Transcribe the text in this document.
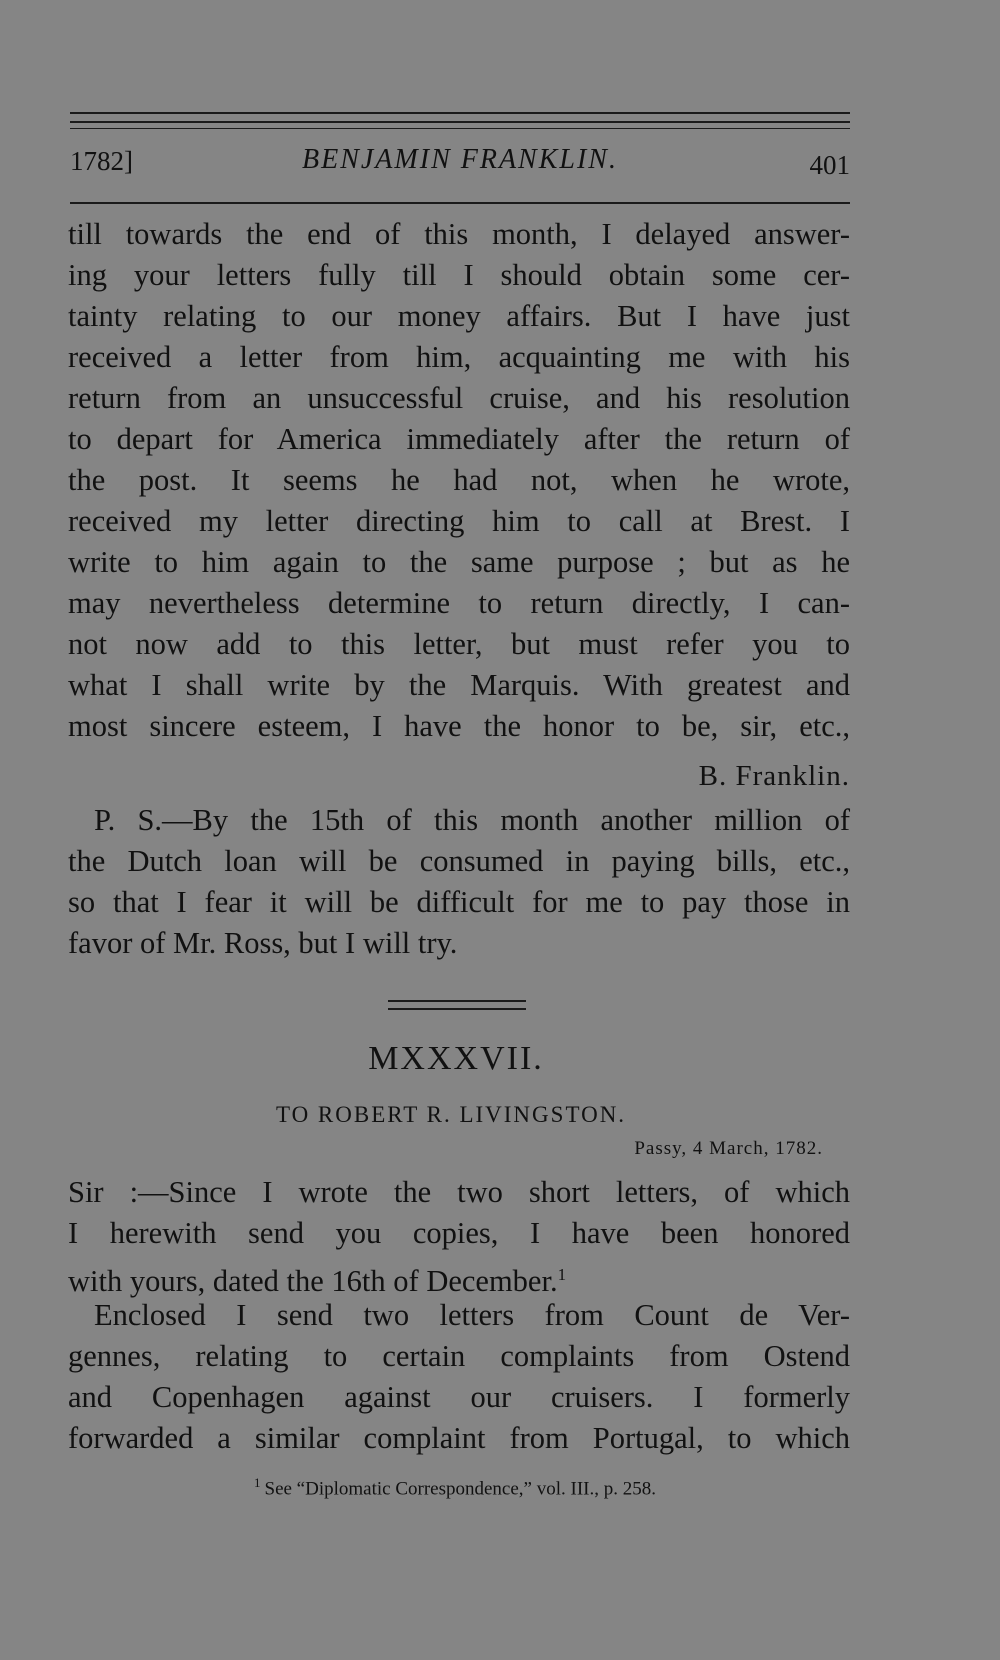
1782]	BENJAMIN FRANKLIN.	401
till towards the end of this month, I delayed answer-
ing your letters fully till I should obtain some cer-
tainty relating to our money affairs. But I have just
received a letter from him, acquainting me with his
return from an unsuccessful cruise, and his resolution
to depart for America immediately after the return of
the post. It seems he had not, when he wrote,
received my letter directing him to call at Brest. I
write to him again to the same purpose ; but as he
may nevertheless determine to return directly, I can-
not now add to this letter, but must refer you to
what I shall write by the Marquis. With greatest and
most sincere esteem, I have the honor to be, sir, etc.,
B. Franklin.
P. S.—By the 15th of this month another million of
the Dutch loan will be consumed in paying bills, etc.,
so that I fear it will be difficult for me to pay those in
favor of Mr. Ross, but I will try.
MXXXVII.
TO ROBERT R. LIVINGSTON.
Passy, 4 March, 1782.
Sir :—Since I wrote the two short letters, of which
I herewith send you copies, I have been honored
with yours, dated the 16th of December.$^1$
Enclosed I send two letters from Count de Ver-
gennes, relating to certain complaints from Ostend
and Copenhagen against our cruisers. I formerly
forwarded a similar complaint from Portugal, to which
$^1$ See “Diplomatic Correspondence,” vol. III., p. 258.
